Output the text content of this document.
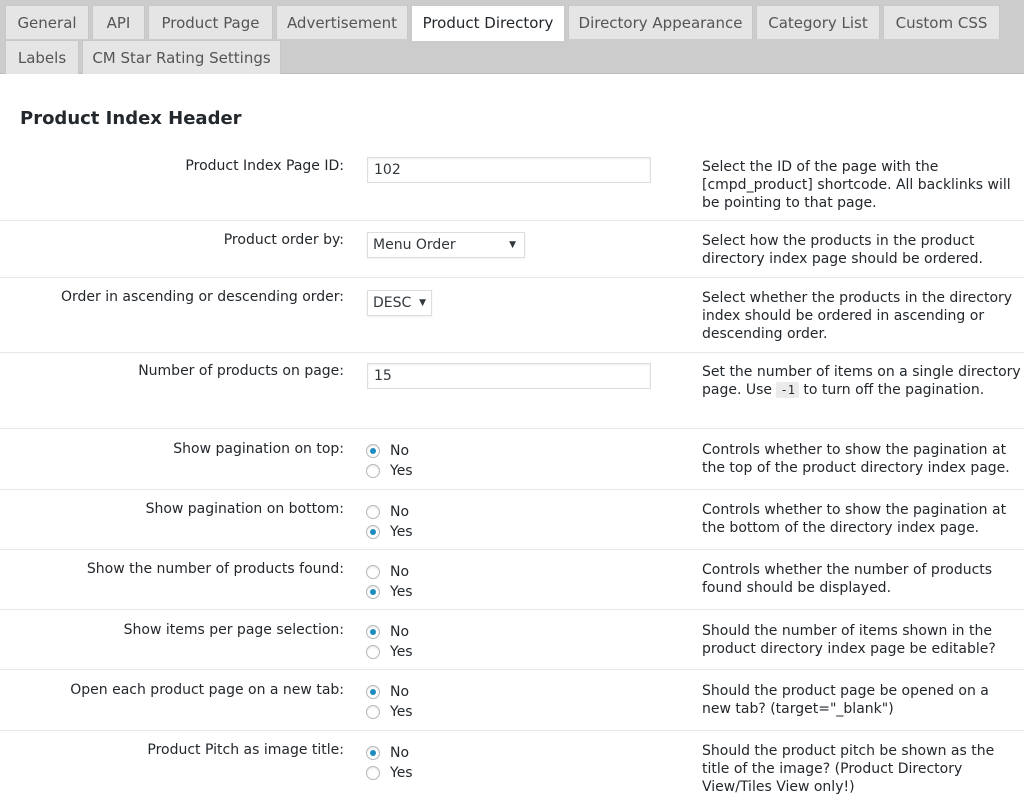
General	API	Product Page	Advertisement	Product Directory	Directory Appearance	Category List	Custom CSS
Labels	CM Star Rating Settings
Product Index Header
Product Index Page ID:
102	Select the ID of the page with the [cmpd_product] shortcode. All backlinks will be pointing to that page.
Product order by:	Menu Order	▼	Select how the products in the product directory index page should be ordered.
Order in ascending or descending order:	DESC ▼	Select whether the products in the directory index should be ordered in ascending or descending order.
Number of products on page:
15	Set the number of items on a single directory page. Use -1 to turn off the pagination.
Show pagination on top:	No
Yes
Controls whether to show the pagination at the top of the product directory index page.
Show pagination on bottom:	No
Yes
Controls whether to show the pagination at the bottom of the directory index page.
Show the number of products found:	No
Yes
Controls whether the number of products found should be displayed.
Show items per page selection:	No
Yes
Should the number of items shown in the product directory index page be editable?
Open each product page on a new tab:	No
Yes
Should the product page be opened on a new tab? (target="_blank")
Product Pitch as image title:	No
Yes
Should the product pitch be shown as the title of the image? (Product Directory View/Tiles View only!)
